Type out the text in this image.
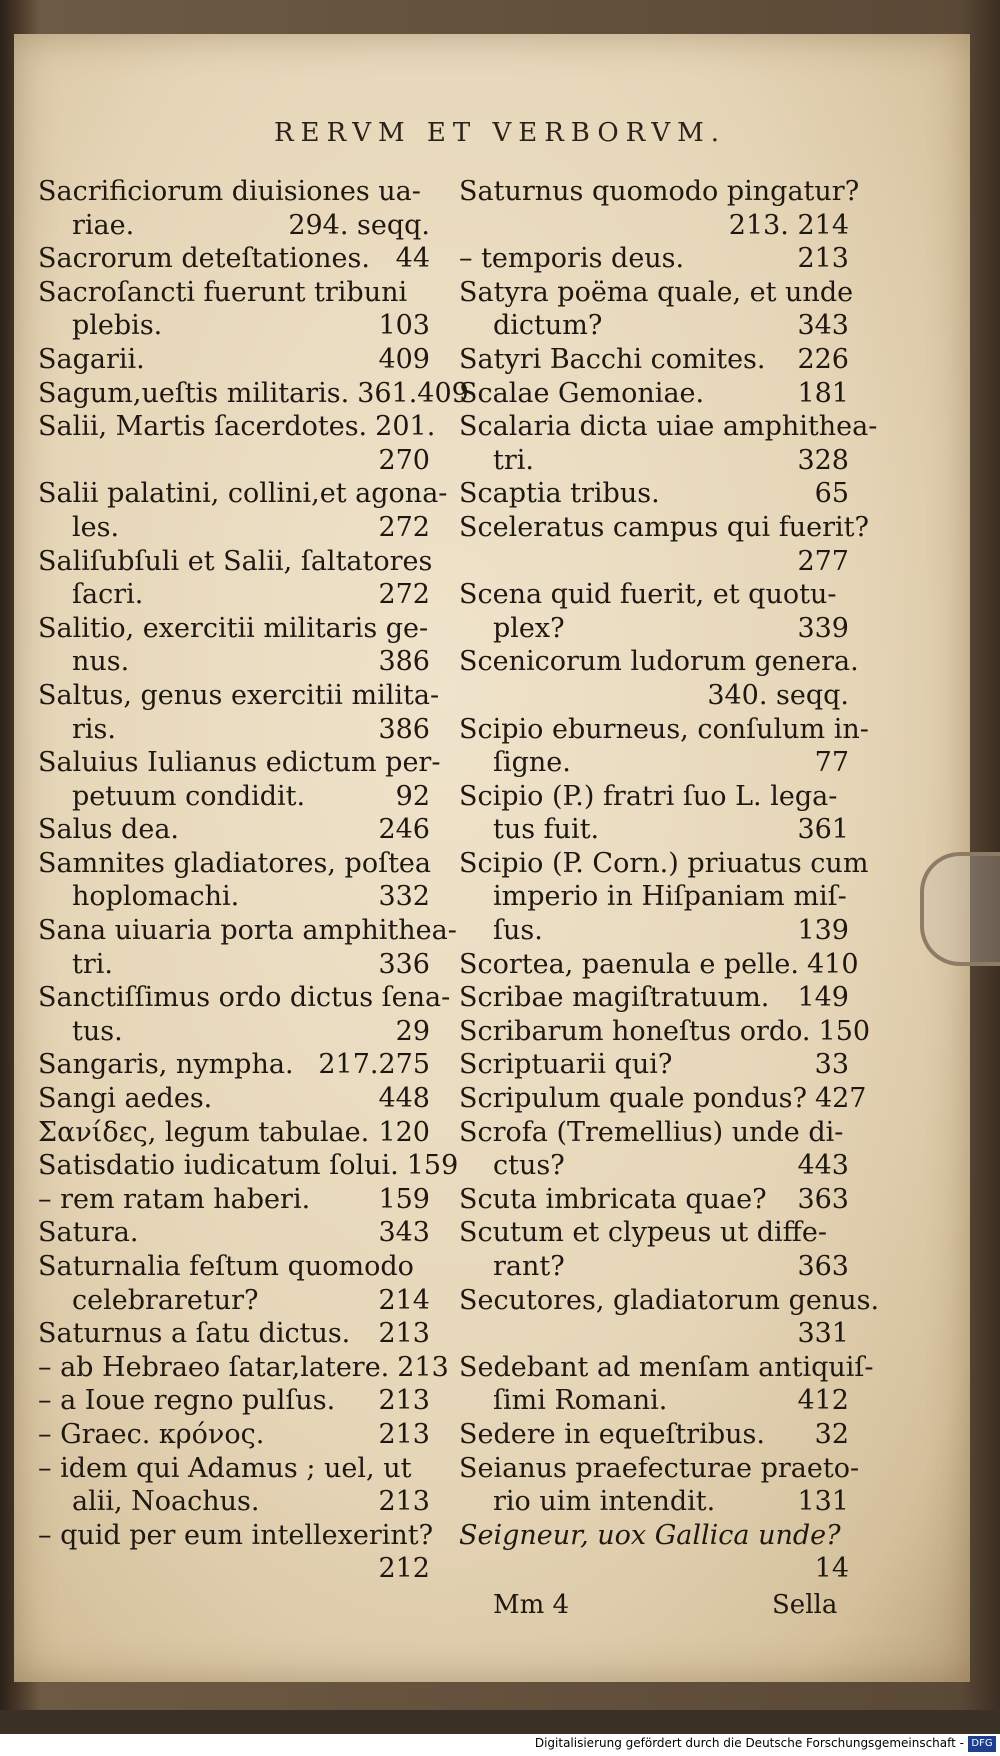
RERVM ET VERBORVM.
Sacrificiorum diuisiones ua-
riae.	294. seqq.
Sacrorum deteſtationes. 44
Sacroſancti fuerunt tribuni
plebis.	103
Sagarii.	409
Sagum,ueſtis militaris. 361.409
Salii, Martis ſacerdotes. 201.
270
Salii palatini, collini,et agona-
les.	272
Saliſubſuli et Salii, ſaltatores
ſacri.	272
Salitio, exercitii militaris ge-
nus.	386
Saltus, genus exercitii milita-
ris.	386
Saluius Iulianus edictum per-
petuum condidit.	92
Salus dea.	246
Samnites gladiatores, poſtea
hoplomachi.	332
Sana uiuaria porta amphithea-
tri.	336
Sanctiſſimus ordo dictus ſena-
tus.	29
Sangaris, nympha. 217.275
Sangi aedes.	448
Σανίδες, legum tabulae. 120
Satisdatio iudicatum ſolui. 159
– rem ratam haberi.	159
Satura.	343
Saturnalia feſtum quomodo
celebraretur?	214
Saturnus a ſatu dictus. 213
– ab Hebraeo ſatar,latere. 213
– a Ioue regno pulſus. 213
– Graec. κρόνος.	213
– idem qui Adamus ; uel, ut
alii, Noachus.	213
– quid per eum intellexerint?
212
Saturnus quomodo pingatur?
213. 214
– temporis deus.	213
Satyra poëma quale, et unde
dictum?	343
Satyri Bacchi comites. 226
Scalae Gemoniae.	181
Scalaria dicta uiae amphithea-
tri.	328
Scaptia tribus.	65
Sceleratus campus qui fuerit?
277
Scena quid fuerit, et quotu-
plex?	339
Scenicorum ludorum genera.
340. seqq.
Scipio eburneus, conſulum in-
ſigne.	77
Scipio (P.) fratri ſuo L. lega-
tus fuit.	361
Scipio (P. Corn.) priuatus cum
imperio in Hiſpaniam miſ-
ſus.	139
Scortea, paenula e pelle. 410
Scribae magiſtratuum. 149
Scribarum honeſtus ordo. 150
Scriptuarii qui?	33
Scripulum quale pondus? 427
Scrofa (Tremellius) unde di-
ctus?	443
Scuta imbricata quae? 363
Scutum et clypeus ut diffe-
rant?	363
Secutores, gladiatorum genus.
331
Sedebant ad menſam antiquiſ-
ſimi Romani.	412
Sedere in equeſtribus. 32
Seianus praefecturae praeto-
rio uim intendit.	131
Seigneur, uox Gallica unde?
14
Mm 4	Sella
Digitalisierung gefördert durch die Deutsche Forschungsgemeinschaft - DFG
